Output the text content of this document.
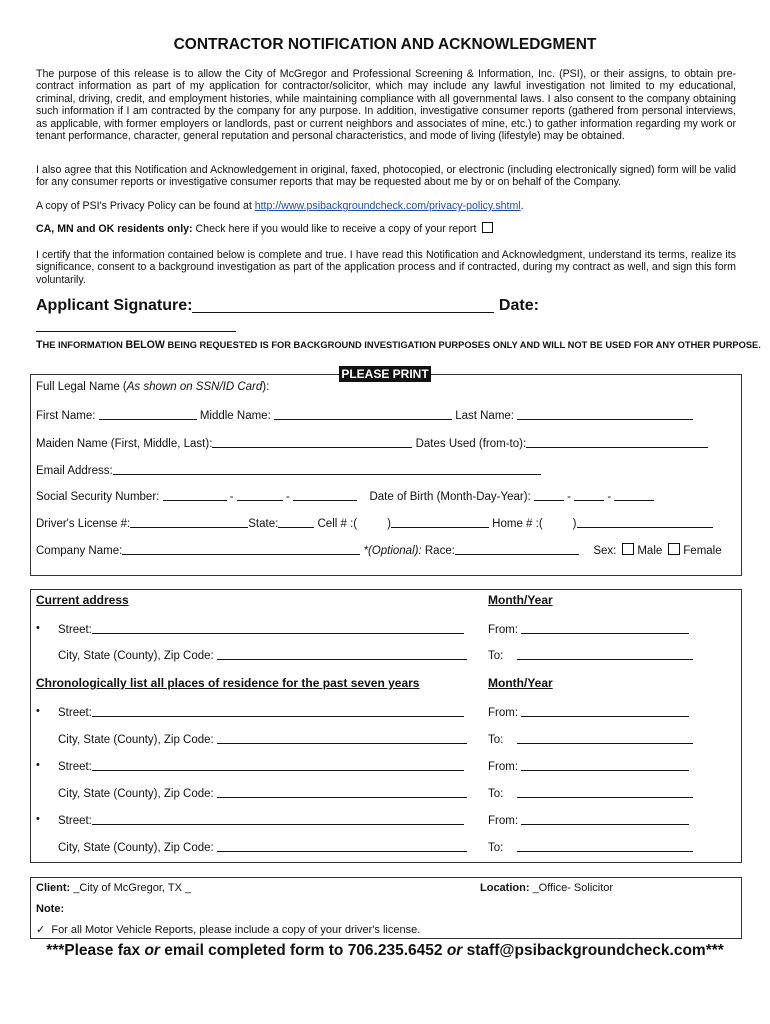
CONTRACTOR NOTIFICATION AND ACKNOWLEDGMENT

The purpose of this release is to allow the City of McGregor and Professional Screening & Information, Inc. (PSI), or their assigns, to obtain pre-contract information as part of my application for contractor/solicitor, which may include any lawful investigation not limited to my educational, criminal, driving, credit, and employment histories, while maintaining compliance with all governmental laws. I also consent to the company obtaining such information if I am contracted by the company for any purpose. In addition, investigative consumer reports (gathered from personal interviews, as applicable, with former employers or landlords, past or current neighbors and associates of mine, etc.) to gather information regarding my work or tenant performance, character, general reputation and personal characteristics, and mode of living (lifestyle) may be obtained.

I also agree that this Notification and Acknowledgement in original, faxed, photocopied, or electronic (including electronically signed) form will be valid for any consumer reports or investigative consumer reports that may be requested about me by or on behalf of the Company.

A copy of PSI's Privacy Policy can be found at http://www.psibackgroundcheck.com/privacy-policy.shtml.

CA, MN and OK residents only: Check here if you would like to receive a copy of your report

I certify that the information contained below is complete and true. I have read this Notification and Acknowledgment, understand its terms, realize its significance, consent to a background investigation as part of the application process and if contracted, during my contract as well, and sign this form voluntarily.

Applicant Signature:	Date:
THE INFORMATION BELOW BEING REQUESTED IS FOR BACKGROUND INVESTIGATION PURPOSES ONLY AND WILL NOT BE USED FOR ANY OTHER PURPOSE.
PLEASE PRINT
Full Legal Name (As shown on SSN/ID Card):
First Name:	Middle Name:	Last Name:
Maiden Name (First, Middle, Last):	Dates Used (from-to):
Email Address:
Social Security Number:	-	-	Date of Birth (Month-Day-Year):	-	-
Driver's License #:	State:	Cell # :(	)	Home # :(	)
Company Name:	*(Optional): Race:	Sex: Male Female
Current address	Month/Year
• Street:	From:
City, State (County), Zip Code:	To:
Chronologically list all places of residence for the past seven years	Month/Year
• Street:	From:
City, State (County), Zip Code:	To:
• Street:	From:
City, State (County), Zip Code:	To:
• Street:	From:
City, State (County), Zip Code:	To:
Client: _City of McGregor, TX _	Location: _Office- Solicitor
Note:
✓ For all Motor Vehicle Reports, please include a copy of your driver's license.
***Please fax or email completed form to 706.235.6452 or staff@psibackgroundcheck.com***
